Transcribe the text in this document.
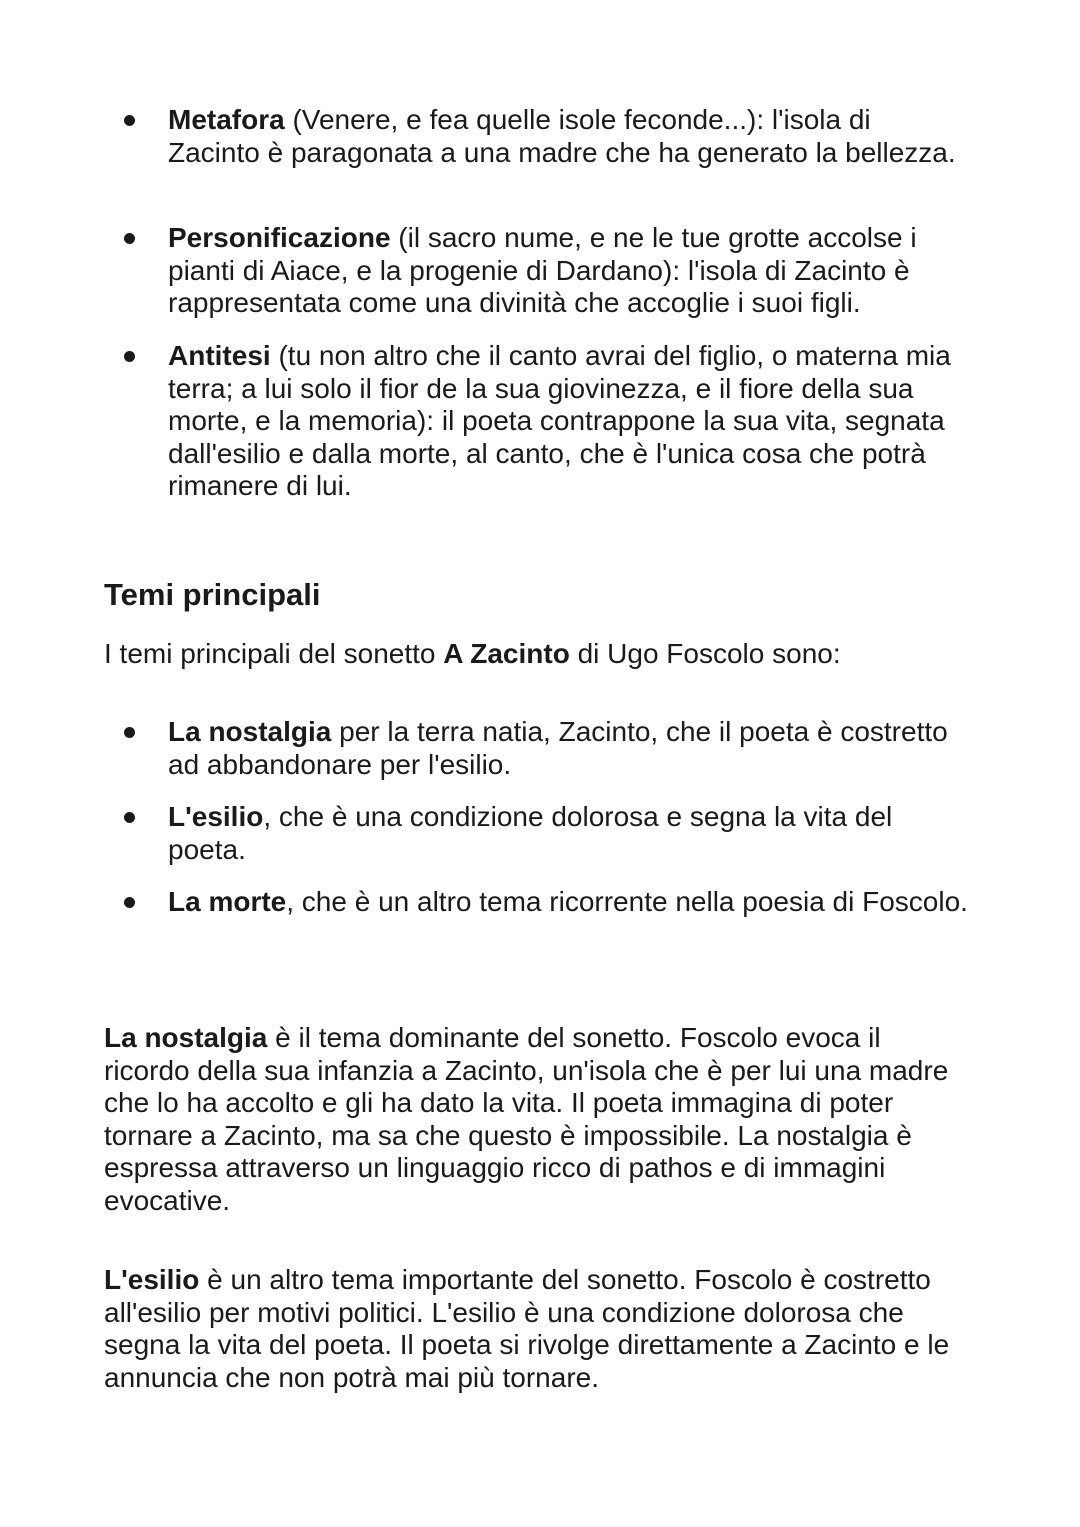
Metafora (Venere, e fea quelle isole feconde...): l'isola di Zacinto è paragonata a una madre che ha generato la bellezza.
Personificazione (il sacro nume, e ne le tue grotte accolse i pianti di Aiace, e la progenie di Dardano): l'isola di Zacinto è rappresentata come una divinità che accoglie i suoi figli.
Antitesi (tu non altro che il canto avrai del figlio, o materna mia terra; a lui solo il fior de la sua giovinezza, e il fiore della sua morte, e la memoria): il poeta contrappone la sua vita, segnata dall'esilio e dalla morte, al canto, che è l'unica cosa che potrà rimanere di lui.
Temi principali
I temi principali del sonetto A Zacinto di Ugo Foscolo sono:
La nostalgia per la terra natia, Zacinto, che il poeta è costretto ad abbandonare per l'esilio.
L'esilio, che è una condizione dolorosa e segna la vita del poeta.
La morte, che è un altro tema ricorrente nella poesia di Foscolo.
La nostalgia è il tema dominante del sonetto. Foscolo evoca il ricordo della sua infanzia a Zacinto, un'isola che è per lui una madre che lo ha accolto e gli ha dato la vita. Il poeta immagina di poter tornare a Zacinto, ma sa che questo è impossibile. La nostalgia è espressa attraverso un linguaggio ricco di pathos e di immagini evocative.
L'esilio è un altro tema importante del sonetto. Foscolo è costretto all'esilio per motivi politici. L'esilio è una condizione dolorosa che segna la vita del poeta. Il poeta si rivolge direttamente a Zacinto e le annuncia che non potrà mai più tornare.
